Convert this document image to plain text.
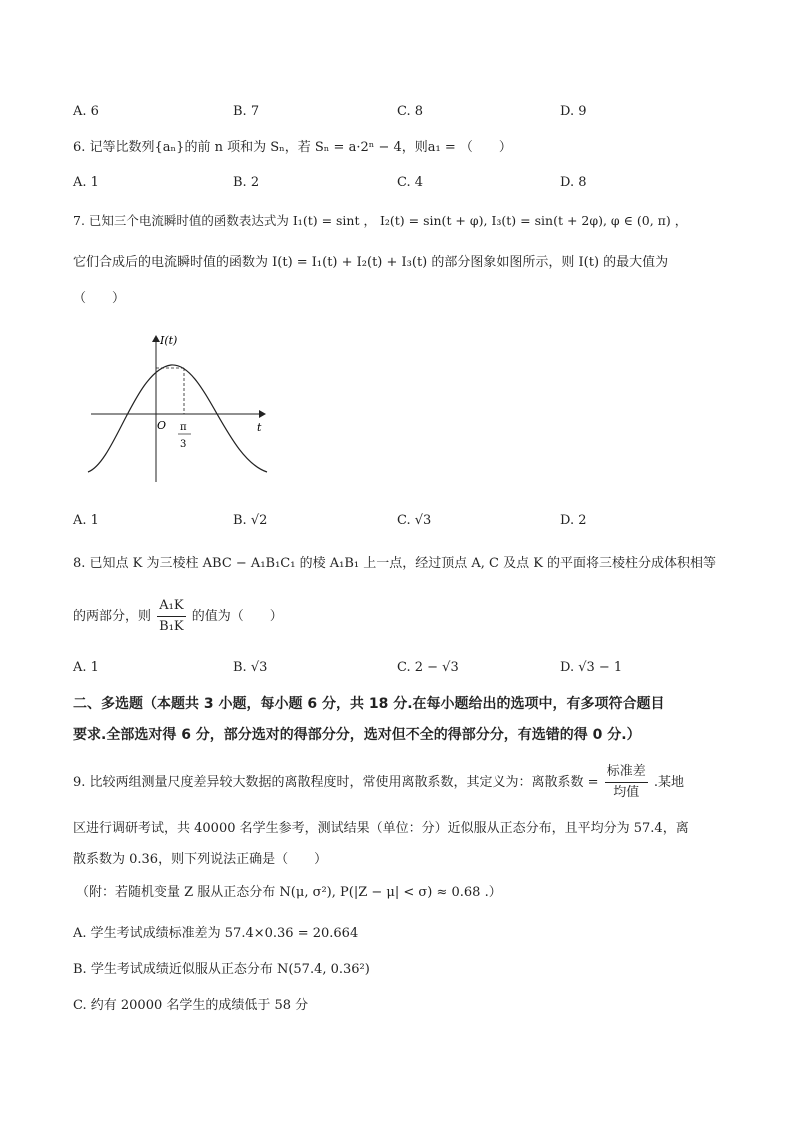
A. 6	B. 7	C. 8	D. 9
6. 记等比数列{aₙ}的前 n 项和为 Sₙ，若 Sₙ = a·2ⁿ − 4，则a₁ = （　　）
A. 1	B. 2	C. 4	D. 8
7. 已知三个电流瞬时值的函数表达式为 I₁(t) = sint ， I₂(t) = sin(t + φ), I₃(t) = sin(t + 2φ), φ ∈ (0, π) ，
它们合成后的电流瞬时值的函数为 I(t) = I₁(t) + I₂(t) + I₃(t) 的部分图象如图所示，则 I(t) 的最大值为
（　　）
I(t)
t
O π
3
A. 1	B. √2	C. √3	D. 2
8. 已知点 K 为三棱柱 ABC − A₁B₁C₁ 的棱 A₁B₁ 上一点，经过顶点 A, C 及点 K 的平面将三棱柱分成体积相等
的两部分，则 $\frac{\text{A₁K}}{\text{B₁K}}$ 的值为（　　）
A. 1	B. √3	C. 2 − √3	D. √3 − 1
二、多选题（本题共 3 小题，每小题 6 分，共 18 分.在每小题给出的选项中，有多项符合题目
要求.全部选对得 6 分，部分选对的得部分分，选对但不全的得部分分，有选错的得 0 分.）
9. 比较两组测量尺度差异较大数据的离散程度时，常使用离散系数，其定义为：离散系数 = $\frac{\text{标准差}}{\text{均值}}$ .某地
区进行调研考试，共 40000 名学生参考，测试结果（单位：分）近似服从正态分布，且平均分为 57.4，离
散系数为 0.36，则下列说法正确是（　　）
（附：若随机变量 Z 服从正态分布 N(μ, σ²), P(|Z − μ| < σ) ≈ 0.68 .）
A. 学生考试成绩标准差为 57.4×0.36 = 20.664
B. 学生考试成绩近似服从正态分布 N(57.4, 0.36²)
C. 约有 20000 名学生的成绩低于 58 分
